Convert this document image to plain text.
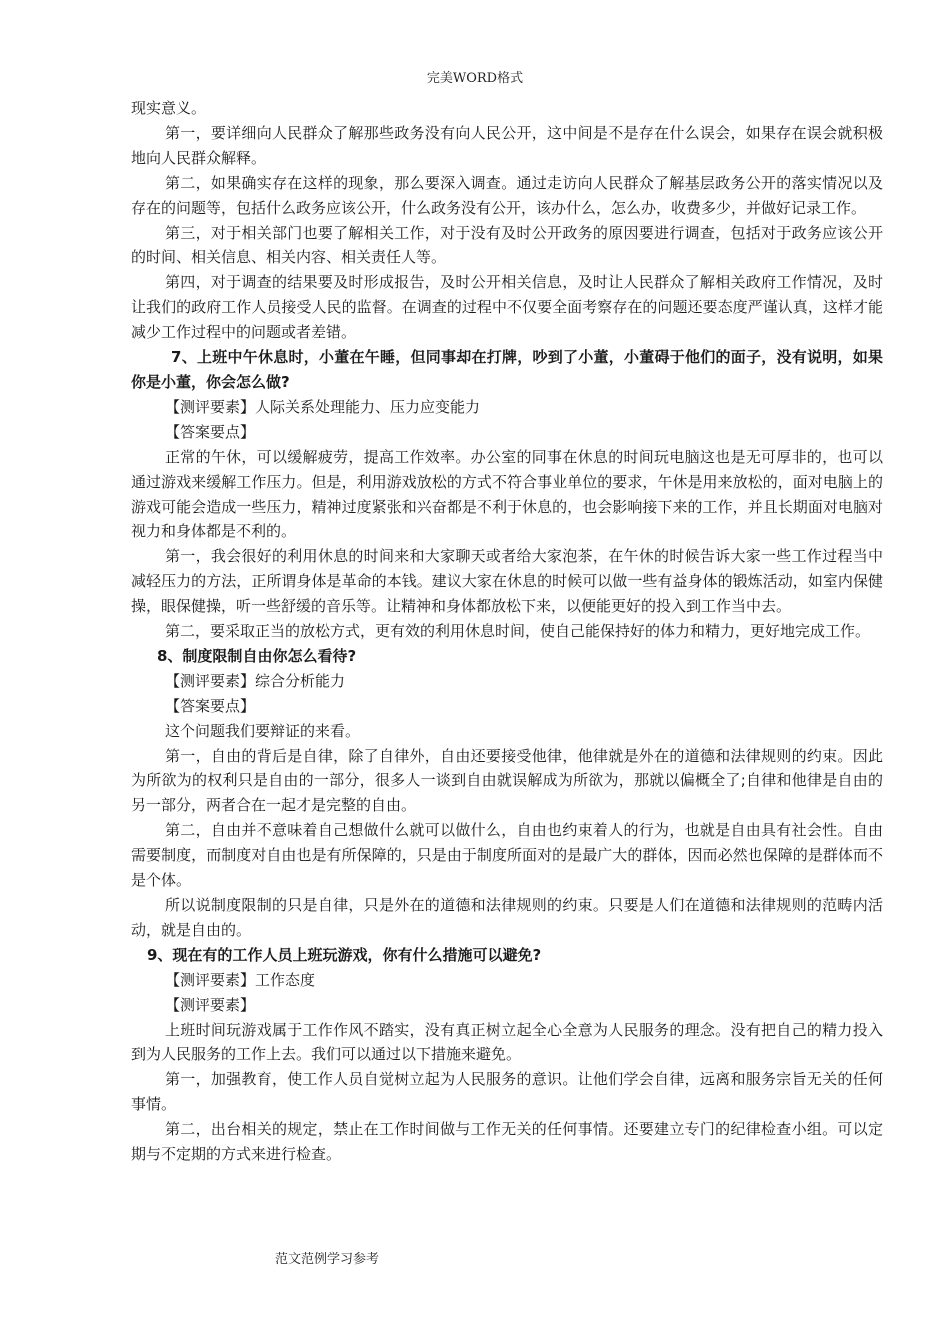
完美WORD格式

现实意义。

第一，要详细向人民群众了解那些政务没有向人民公开，这中间是不是存在什么误会，如果存在误会就积极地向人民群众解释。

第二，如果确实存在这样的现象，那么要深入调查。通过走访向人民群众了解基层政务公开的落实情况以及存在的问题等，包括什么政务应该公开，什么政务没有公开，该办什么，怎么办，收费多少，并做好记录工作。

第三，对于相关部门也要了解相关工作，对于没有及时公开政务的原因要进行调查，包括对于政务应该公开的时间、相关信息、相关内容、相关责任人等。

第四，对于调查的结果要及时形成报告，及时公开相关信息，及时让人民群众了解相关政府工作情况，及时让我们的政府工作人员接受人民的监督。在调查的过程中不仅要全面考察存在的问题还要态度严谨认真，这样才能减少工作过程中的问题或者差错。

7、上班中午休息时，小董在午睡，但同事却在打牌，吵到了小董，小董碍于他们的面子，没有说明，如果你是小董，你会怎么做?

【测评要素】人际关系处理能力、压力应变能力

【答案要点】

正常的午休，可以缓解疲劳，提高工作效率。办公室的同事在休息的时间玩电脑这也是无可厚非的，也可以通过游戏来缓解工作压力。但是，利用游戏放松的方式不符合事业单位的要求，午休是用来放松的，面对电脑上的游戏可能会造成一些压力，精神过度紧张和兴奋都是不利于休息的，也会影响接下来的工作，并且长期面对电脑对视力和身体都是不利的。

第一，我会很好的利用休息的时间来和大家聊天或者给大家泡茶，在午休的时候告诉大家一些工作过程当中减轻压力的方法，正所谓身体是革命的本钱。建议大家在休息的时候可以做一些有益身体的锻炼活动，如室内保健操，眼保健操，听一些舒缓的音乐等。让精神和身体都放松下来，以便能更好的投入到工作当中去。

第二，要采取正当的放松方式，更有效的利用休息时间，使自己能保持好的体力和精力，更好地完成工作。

8、制度限制自由你怎么看待?

【测评要素】综合分析能力

【答案要点】

这个问题我们要辩证的来看。

第一，自由的背后是自律，除了自律外，自由还要接受他律，他律就是外在的道德和法律规则的约束。因此为所欲为的权利只是自由的一部分，很多人一谈到自由就误解成为所欲为，那就以偏概全了;自律和他律是自由的另一部分，两者合在一起才是完整的自由。

第二，自由并不意味着自己想做什么就可以做什么，自由也约束着人的行为，也就是自由具有社会性。自由需要制度，而制度对自由也是有所保障的，只是由于制度所面对的是最广大的群体，因而必然也保障的是群体而不是个体。

所以说制度限制的只是自律，只是外在的道德和法律规则的约束。只要是人们在道德和法律规则的范畴内活动，就是自由的。

9、现在有的工作人员上班玩游戏，你有什么措施可以避免?

【测评要素】工作态度

【测评要素】

上班时间玩游戏属于工作作风不踏实，没有真正树立起全心全意为人民服务的理念。没有把自己的精力投入到为人民服务的工作上去。我们可以通过以下措施来避免。

第一，加强教育，使工作人员自觉树立起为人民服务的意识。让他们学会自律，远离和服务宗旨无关的任何事情。

第二，出台相关的规定，禁止在工作时间做与工作无关的任何事情。还要建立专门的纪律检查小组。可以定期与不定期的方式来进行检查。

范文范例学习参考
